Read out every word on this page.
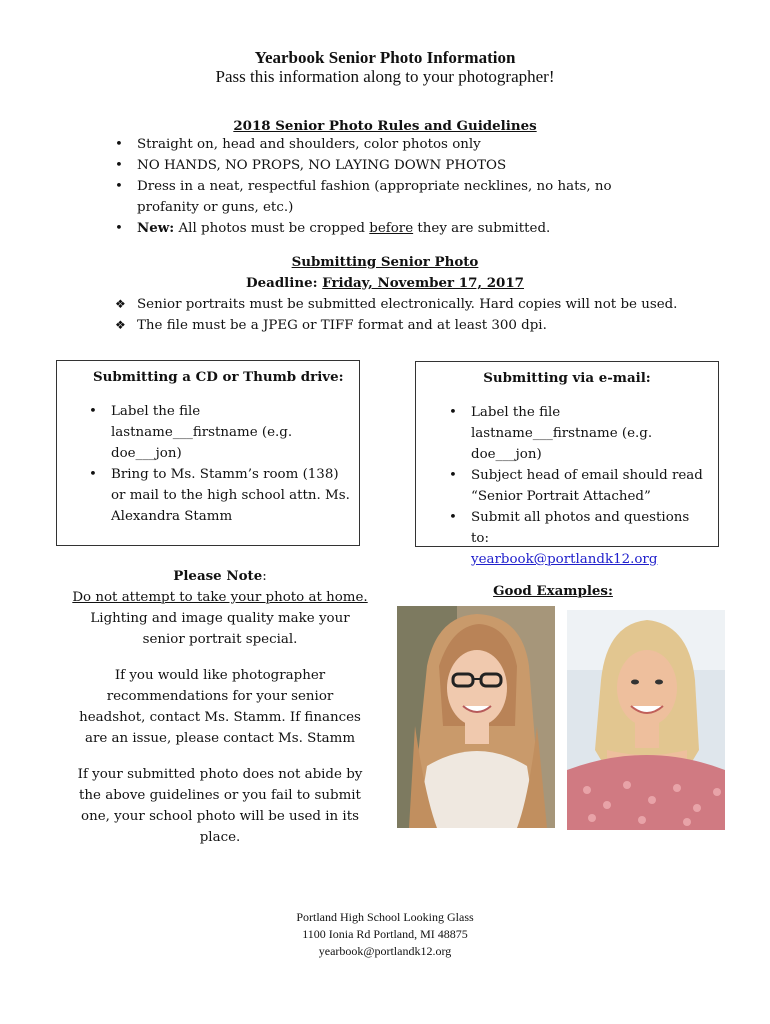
Yearbook Senior Photo Information
Pass this information along to your photographer!
2018 Senior Photo Rules and Guidelines
• Straight on, head and shoulders, color photos only
• NO HANDS, NO PROPS, NO LAYING DOWN PHOTOS
• Dress in a neat, respectful fashion (appropriate necklines, no hats, no profanity or guns, etc.)
• New: All photos must be cropped before they are submitted.
Submitting Senior Photo
Deadline: Friday, November 17, 2017
❖ Senior portraits must be submitted electronically. Hard copies will not be used.
❖ The file must be a JPEG or TIFF format and at least 300 dpi.
Submitting a CD or Thumb drive:
• Label the file lastname___firstname (e.g. doe___jon)
• Bring to Ms. Stamm’s room (138) or mail to the high school attn. Ms. Alexandra Stamm
Submitting via e-mail:
• Label the file lastname___firstname (e.g. doe___jon)
• Subject head of email should read “Senior Portrait Attached”
• Submit all photos and questions to:
yearbook@portlandk12.org
Please Note:
Do not attempt to take your photo at home. Lighting and image quality make your senior portrait special.
If you would like photographer recommendations for your senior headshot, contact Ms. Stamm. If finances are an issue, please contact Ms. Stamm
If your submitted photo does not abide by the above guidelines or you fail to submit one, your school photo will be used in its place.
Good Examples:
Portland High School Looking Glass
1100 Ionia Rd Portland, MI 48875
yearbook@portlandk12.org
